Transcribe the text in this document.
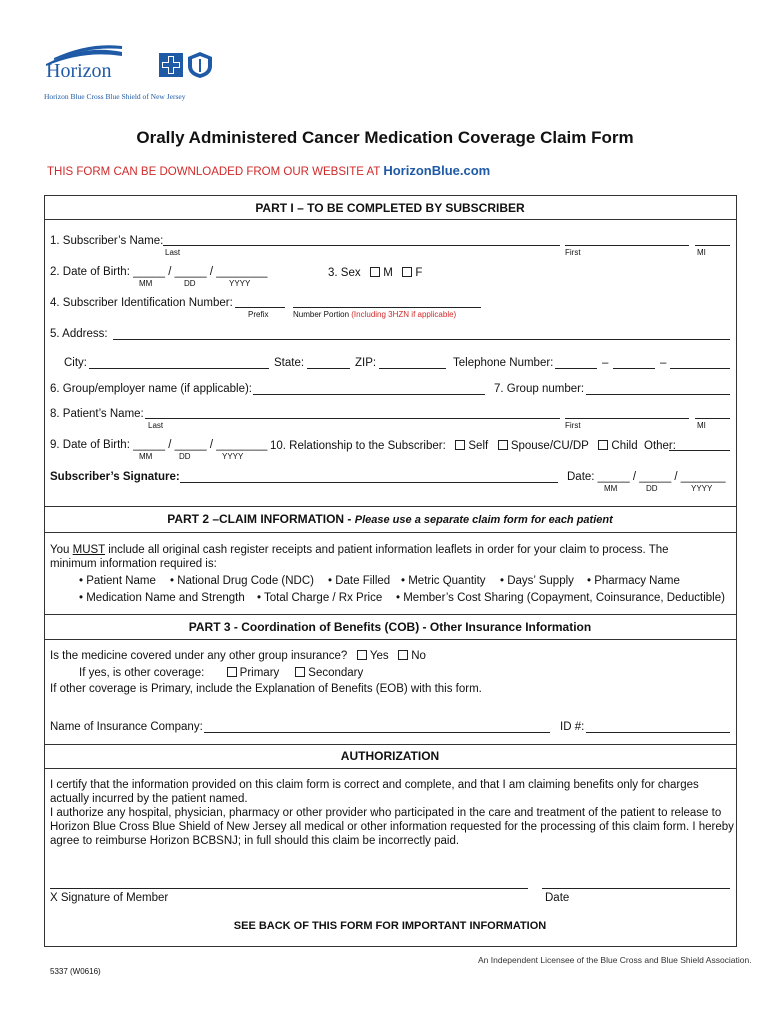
Horizon
Horizon Blue Cross Blue Shield of New Jersey
Orally Administered Cancer Medication Coverage Claim Form
THIS FORM CAN BE DOWNLOADED FROM OUR WEBSITE AT HorizonBlue.com
PART I – TO BE COMPLETED BY SUBSCRIBER
1. Subscriber’s Name:
Last	First	MI
2. Date of Birth: _____ / _____ / ________
MM	DD	YYYY
3. Sex M F
4. Subscriber Identification Number:
Prefix	Number Portion (Including 3HZN if applicable)
5. Address:
City:	State:	ZIP:	Telephone Number:	–	–
6. Group/employer name (if applicable):	7. Group number:
8. Patient’s Name:
Last	First	MI
9. Date of Birth: _____ / _____ / ________
MM	DD	YYYY
10. Relationship to the Subscriber: Self Spouse/CU/DP Child Other:
Subscriber’s Signature:	Date: _____ / _____ / _______
MM	DD	YYYY
PART 2 –CLAIM INFORMATION - Please use a separate claim form for each patient
You MUST include all original cash register receipts and patient information leaflets in order for your claim to process. The
minimum information required is:
• Patient Name • National Drug Code (NDC) • Date Filled • Metric Quantity • Days’ Supply • Pharmacy Name
• Medication Name and Strength • Total Charge / Rx Price • Member’s Cost Sharing (Copayment, Coinsurance, Deductible)
PART 3 - Coordination of Benefits (COB) - Other Insurance Information
Is the medicine covered under any other group insurance? Yes No
If yes, is other coverage:	Primary	Secondary
If other coverage is Primary, include the Explanation of Benefits (EOB) with this form.
Name of Insurance Company:	ID #:
AUTHORIZATION
I certify that the information provided on this claim form is correct and complete, and that I am claiming benefits only for charges
actually incurred by the patient named.
I authorize any hospital, physician, pharmacy or other provider who participated in the care and treatment of the patient to release to
Horizon Blue Cross Blue Shield of New Jersey all medical or other information requested for the processing of this claim form. I hereby
agree to reimburse Horizon BCBSNJ; in full should this claim be incorrectly paid.
X Signature of Member	Date
SEE BACK OF THIS FORM FOR IMPORTANT INFORMATION
An Independent Licensee of the Blue Cross and Blue Shield Association.
5337 (W0616)
